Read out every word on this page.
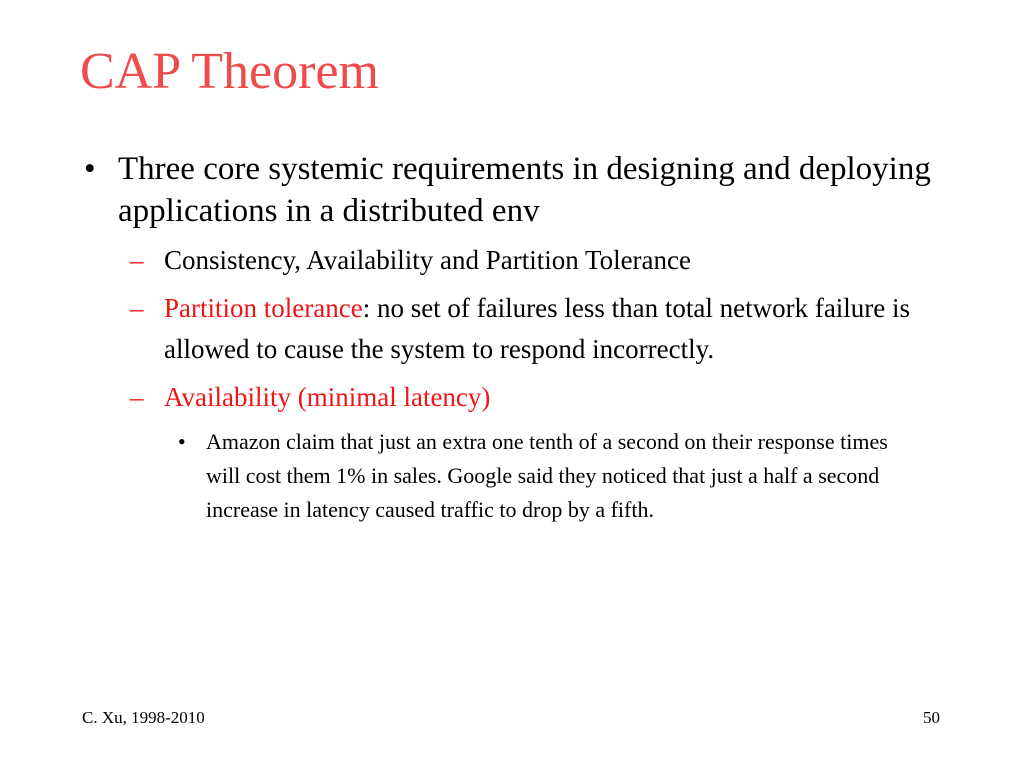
CAP Theorem
• Three core systemic requirements in designing and deploying applications in a distributed env
– Consistency, Availability and Partition Tolerance
– Partition tolerance: no set of failures less than total network failure is allowed to cause the system to respond incorrectly.
– Availability (minimal latency)
• Amazon claim that just an extra one tenth of a second on their response times will cost them 1% in sales. Google said they noticed that just a half a second increase in latency caused traffic to drop by a fifth.
C. Xu, 1998-2010	50
